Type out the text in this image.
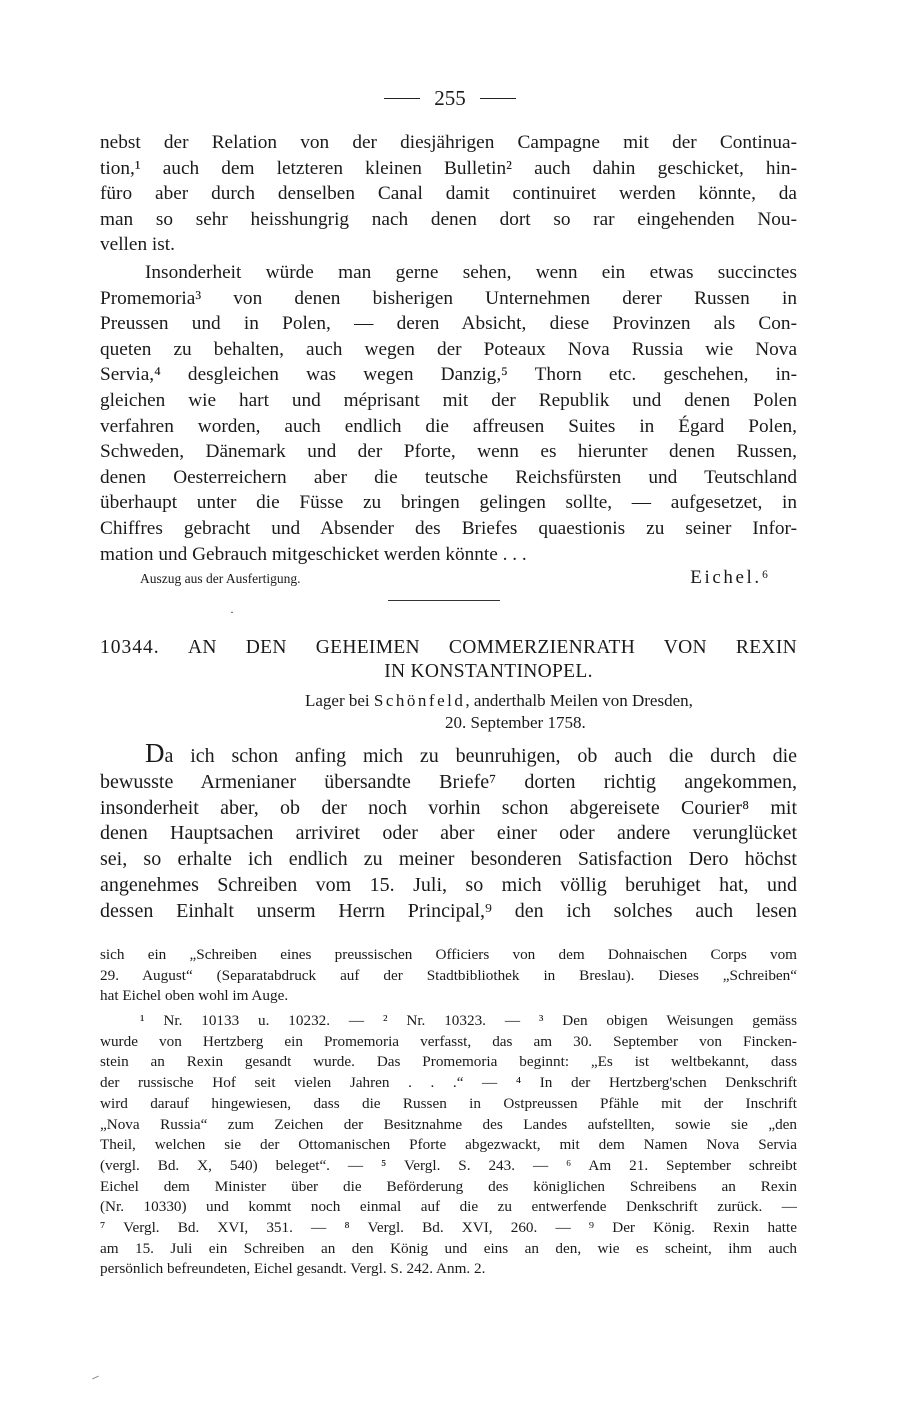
255
nebst der Relation von der diesjährigen Campagne mit der Continua-
tion,¹ auch dem letzteren kleinen Bulletin² auch dahin geschicket, hin-
füro aber durch denselben Canal damit continuiret werden könnte, da
man so sehr heisshungrig nach denen dort so rar eingehenden Nou-
vellen ist.
Insonderheit würde man gerne sehen, wenn ein etwas succinctes
Promemoria³ von denen bisherigen Unternehmen derer Russen in
Preussen und in Polen, — deren Absicht, diese Provinzen als Con-
queten zu behalten, auch wegen der Poteaux Nova Russia wie Nova
Servia,⁴ desgleichen was wegen Danzig,⁵ Thorn etc. geschehen, in-
gleichen wie hart und méprisant mit der Republik und denen Polen
verfahren worden, auch endlich die affreusen Suites in Égard Polen,
Schweden, Dänemark und der Pforte, wenn es hierunter denen Russen,
denen Oesterreichern aber die teutsche Reichsfürsten und Teutschland
überhaupt unter die Füsse zu bringen gelingen sollte, — aufgesetzet, in
Chiffres gebracht und Absender des Briefes quaestionis zu seiner Infor-
mation und Gebrauch mitgeschicket werden könnte . . .
Auszug aus der Ausfertigung.	Eichel.⁶
·
10344. AN DEN GEHEIMEN COMMERZIENRATH VON REXIN
IN KONSTANTINOPEL.
Lager bei Schönfeld, anderthalb Meilen von Dresden,
20. September 1758.
Da ich schon anfing mich zu beunruhigen, ob auch die durch die
bewusste Armenianer übersandte Briefe⁷ dorten richtig angekommen,
insonderheit aber, ob der noch vorhin schon abgereisete Courier⁸ mit
denen Hauptsachen arriviret oder aber einer oder andere verunglücket
sei, so erhalte ich endlich zu meiner besonderen Satisfaction Dero höchst
angenehmes Schreiben vom 15. Juli, so mich völlig beruhiget hat, und
dessen Einhalt unserm Herrn Principal,⁹ den ich solches auch lesen
sich ein „Schreiben eines preussischen Officiers von dem Dohnaischen Corps vom
29. August“ (Separatabdruck auf der Stadtbibliothek in Breslau). Dieses „Schreiben“
hat Eichel oben wohl im Auge.
¹ Nr. 10133 u. 10232. — ² Nr. 10323. — ³ Den obigen Weisungen gemäss
wurde von Hertzberg ein Promemoria verfasst, das am 30. September von Fincken-
stein an Rexin gesandt wurde. Das Promemoria beginnt: „Es ist weltbekannt, dass
der russische Hof seit vielen Jahren . . .“ — ⁴ In der Hertzberg'schen Denkschrift
wird darauf hingewiesen, dass die Russen in Ostpreussen Pfähle mit der Inschrift
„Nova Russia“ zum Zeichen der Besitznahme des Landes aufstellten, sowie sie „den
Theil, welchen sie der Ottomanischen Pforte abgezwackt, mit dem Namen Nova Servia
(vergl. Bd. X, 540) beleget“. — ⁵ Vergl. S. 243. — ⁶ Am 21. September schreibt
Eichel dem Minister über die Beförderung des königlichen Schreibens an Rexin
(Nr. 10330) und kommt noch einmal auf die zu entwerfende Denkschrift zurück. —
⁷ Vergl. Bd. XVI, 351. — ⁸ Vergl. Bd. XVI, 260. — ⁹ Der König. Rexin hatte
am 15. Juli ein Schreiben an den König und eins an den, wie es scheint, ihm auch
persönlich befreundeten, Eichel gesandt. Vergl. S. 242. Anm. 2.
